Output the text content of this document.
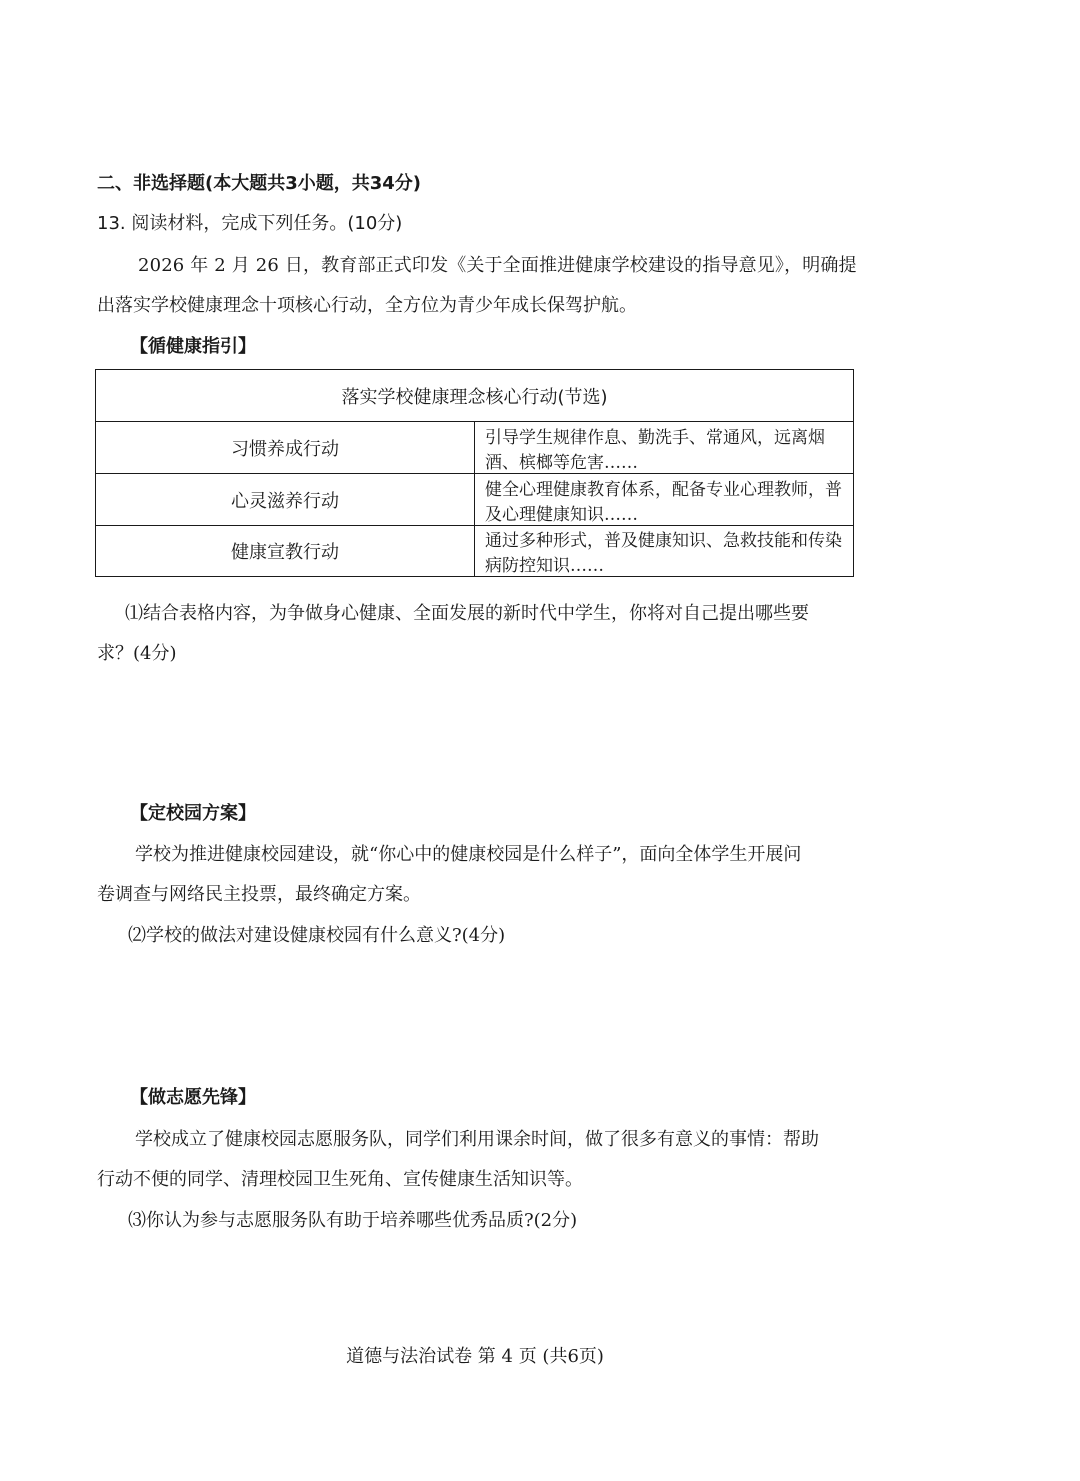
二、非选择题(本大题共3小题，共34分)
13. 阅读材料，完成下列任务。(10分)
2026 年 2 月 26 日，教育部正式印发《关于全面推进健康学校建设的指导意见》，明确提
出落实学校健康理念十项核心行动，全方位为青少年成长保驾护航。
【循健康指引】
落实学校健康理念核心行动(节选)	
习惯养成行动	引导学生规律作息、勤洗手、常通风，远离烟酒、槟榔等危害……
心灵滋养行动	健全心理健康教育体系，配备专业心理教师，普及心理健康知识……
健康宣教行动	通过多种形式，普及健康知识、急救技能和传染病防控知识……
⑴结合表格内容，为争做身心健康、全面发展的新时代中学生，你将对自己提出哪些要
求？(4分)
【定校园方案】
学校为推进健康校园建设，就“你心中的健康校园是什么样子”，面向全体学生开展问
卷调查与网络民主投票，最终确定方案。
⑵学校的做法对建设健康校园有什么意义?(4分)
【做志愿先锋】
学校成立了健康校园志愿服务队，同学们利用课余时间，做了很多有意义的事情：帮助
行动不便的同学、清理校园卫生死角、宣传健康生活知识等。
⑶你认为参与志愿服务队有助于培养哪些优秀品质?(2分)
道德与法治试卷 第 4 页 (共6页)
